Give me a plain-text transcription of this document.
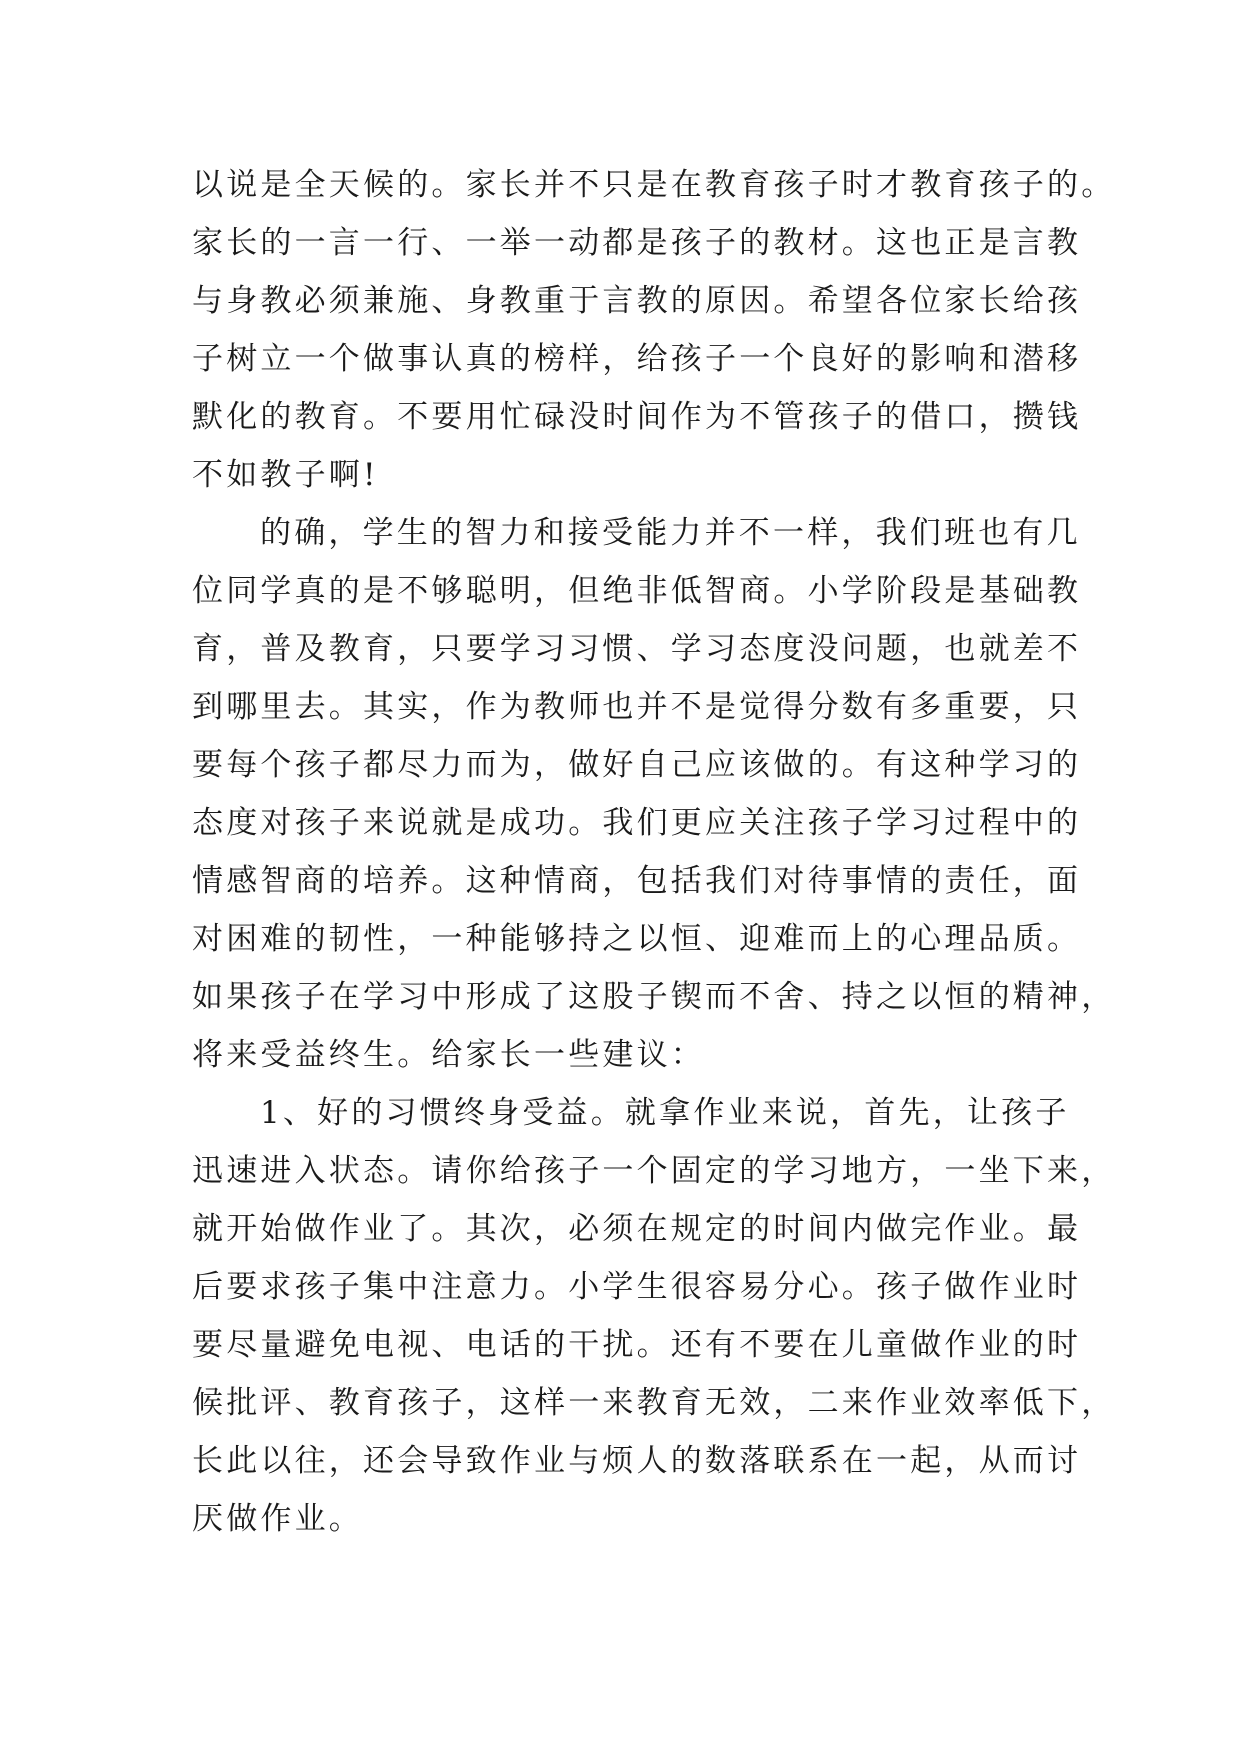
以说是全天候的。家长并不只是在教育孩子时才教育孩子的。
家长的一言一行、一举一动都是孩子的教材。这也正是言教
与身教必须兼施、身教重于言教的原因。希望各位家长给孩
子树立一个做事认真的榜样，给孩子一个良好的影响和潜移
默化的教育。不要用忙碌没时间作为不管孩子的借口，攒钱
不如教子啊!
的确，学生的智力和接受能力并不一样，我们班也有几
位同学真的是不够聪明，但绝非低智商。小学阶段是基础教
育，普及教育，只要学习习惯、学习态度没问题，也就差不
到哪里去。其实，作为教师也并不是觉得分数有多重要，只
要每个孩子都尽力而为，做好自己应该做的。有这种学习的
态度对孩子来说就是成功。我们更应关注孩子学习过程中的
情感智商的培养。这种情商，包括我们对待事情的责任，面
对困难的韧性，一种能够持之以恒、迎难而上的心理品质。
如果孩子在学习中形成了这股子锲而不舍、持之以恒的精神，
将来受益终生。给家长一些建议：
1、好的习惯终身受益。就拿作业来说，首先，让孩子
迅速进入状态。请你给孩子一个固定的学习地方，一坐下来，
就开始做作业了。其次，必须在规定的时间内做完作业。最
后要求孩子集中注意力。小学生很容易分心。孩子做作业时
要尽量避免电视、电话的干扰。还有不要在儿童做作业的时
候批评、教育孩子，这样一来教育无效，二来作业效率低下，
长此以往，还会导致作业与烦人的数落联系在一起，从而讨
厌做作业。
